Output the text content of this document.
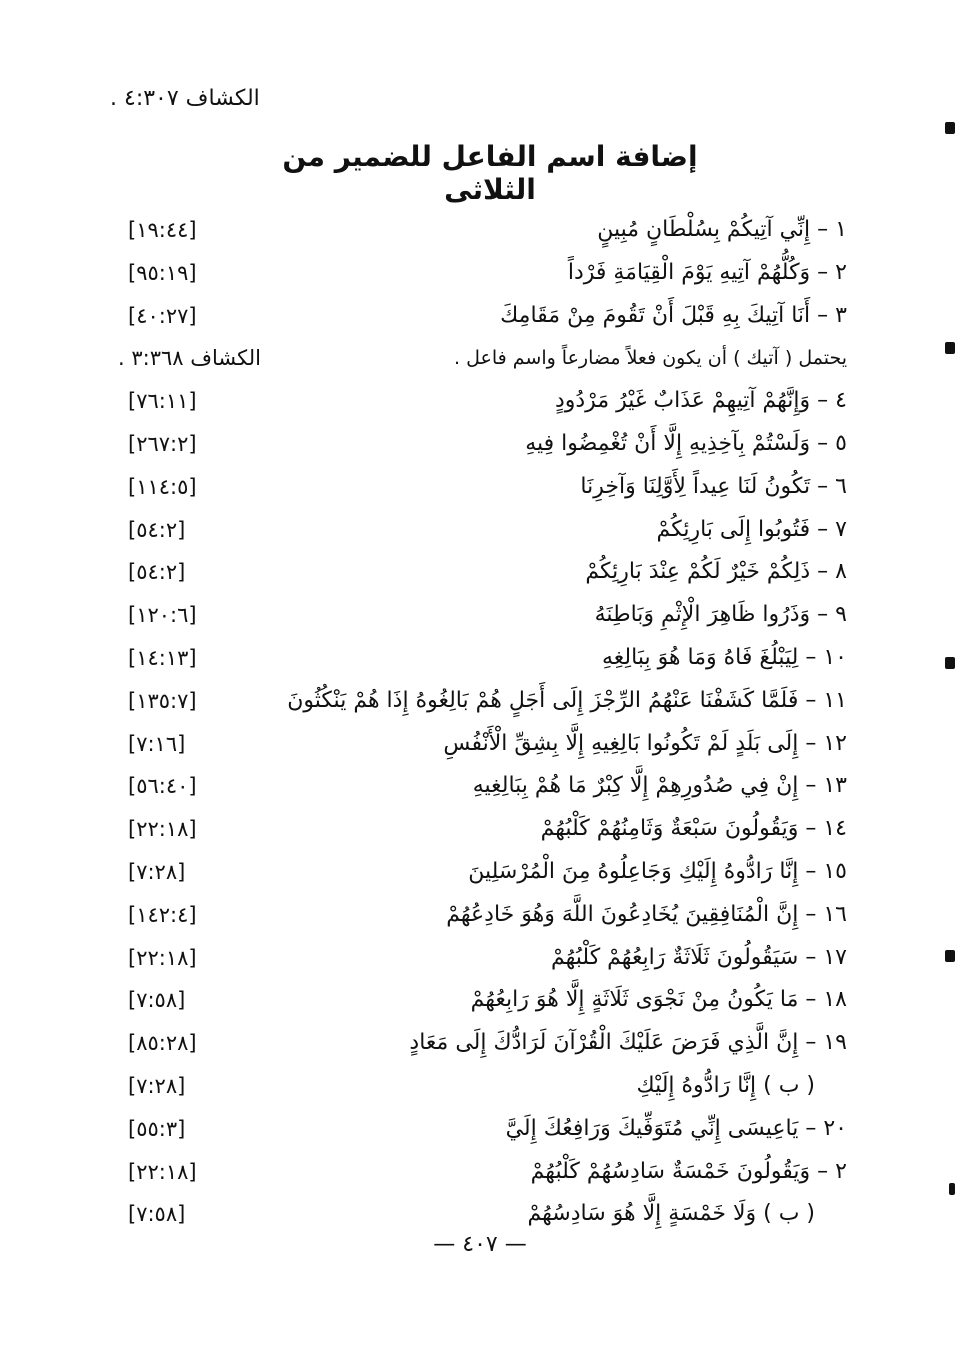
الكشاف ٤:٣٠٧ .
إضافة اسم الفاعل للضمير من الثلاثى
١ – إِنِّي آتِيكُمْ بِسُلْطَانٍ مُبِينٍ
[١٩:٤٤]
٢ – وَكُلُّهُمْ آتِيهِ يَوْمَ الْقِيَامَةِ فَرْداً
[٩٥:١٩]
٣ – أَنَا آتِيكَ بِهِ قَبْلَ أَنْ تَقُومَ مِنْ مَقَامِكَ
[٤٠:٢٧]
يحتمل ( آتيك ) أن يكون فعلاً مضارعاً واسم فاعل .
الكشاف ٣:٣٦٨ .
٤ – وَإِنَّهُمْ آتِيهِمْ عَذَابٌ غَيْرُ مَرْدُودٍ
[٧٦:١١]
٥ – وَلَسْتُمْ بِآخِذِيهِ إِلَّا أَنْ تُغْمِضُوا فِيهِ
[٢٦٧:٢]
٦ – تَكُونُ لَنَا عِيداً لِأَوَّلِنَا وَآخِرِنَا
[١١٤:٥]
٧ – فَتُوبُوا إِلَى بَارِئِكُمْ
[٥٤:٢]
٨ – ذَلِكُمْ خَيْرٌ لَكُمْ عِنْدَ بَارِئِكُمْ
[٥٤:٢]
٩ – وَذَرُوا ظَاهِرَ الْإِثْمِ وَبَاطِنَهُ
[١٢٠:٦]
١٠ – لِيَبْلُغَ فَاهُ وَمَا هُوَ بِبَالِغِهِ
[١٤:١٣]
١١ – فَلَمَّا كَشَفْنَا عَنْهُمُ الرِّجْزَ إِلَى أَجَلٍ هُمْ بَالِغُوهُ إِذَا هُمْ يَنْكُثُونَ
[١٣٥:٧]
١٢ – إِلَى بَلَدٍ لَمْ تَكُونُوا بَالِغِيهِ إِلَّا بِشِقِّ الْأَنْفُسِ
[٧:١٦]
١٣ – إِنْ فِي صُدُورِهِمْ إِلَّا كِبْرٌ مَا هُمْ بِبَالِغِيهِ
[٥٦:٤٠]
١٤ – وَيَقُولُونَ سَبْعَةٌ وَثَامِنُهُمْ كَلْبُهُمْ
[٢٢:١٨]
١٥ – إِنَّا رَادُّوهُ إِلَيْكِ وَجَاعِلُوهُ مِنَ الْمُرْسَلِينَ
[٧:٢٨]
١٦ – إِنَّ الْمُنَافِقِينَ يُخَادِعُونَ اللَّهَ وَهُوَ خَادِعُهُمْ
[١٤٢:٤]
١٧ – سَيَقُولُونَ ثَلَاثَةٌ رَابِعُهُمْ كَلْبُهُمْ
[٢٢:١٨]
١٨ – مَا يَكُونُ مِنْ نَجْوَى ثَلَاثَةٍ إِلَّا هُوَ رَابِعُهُمْ
[٧:٥٨]
١٩ – إِنَّ الَّذِي فَرَضَ عَلَيْكَ الْقُرْآنَ لَرَادُّكَ إِلَى مَعَادٍ
[٨٥:٢٨]
( ب ) إِنَّا رَادُّوهُ إِلَيْكِ
[٧:٢٨]
٢٠ – يَاعِيسَى إِنِّي مُتَوَفِّيكَ وَرَافِعُكَ إِلَيَّ
[٥٥:٣]
٢ – وَيَقُولُونَ خَمْسَةٌ سَادِسُهُمْ كَلْبُهُمْ
[٢٢:١٨]
( ب ) وَلَا خَمْسَةٍ إِلَّا هُوَ سَادِسُهُمْ
[٧:٥٨]
— ٤٠٧ —
